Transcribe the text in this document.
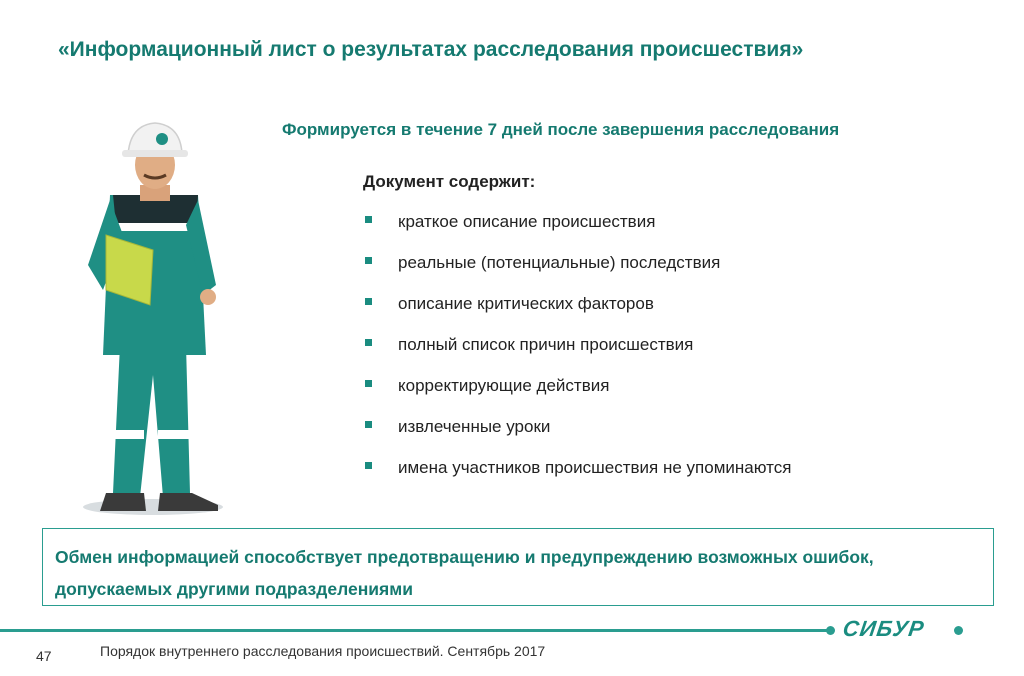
«Информационный лист о результатах расследования происшествия»
Формируется в течение 7 дней после завершения расследования
Документ содержит:
краткое описание происшествия
реальные (потенциальные) последствия
описание критических факторов
полный список причин происшествия
корректирующие действия
извлеченные уроки
имена участников происшествия не упоминаются
Обмен информацией способствует предотвращению и предупреждению возможных ошибок, допускаемых другими подразделениями
СИБУР
47	Порядок внутреннего расследования происшествий. Сентябрь 2017
